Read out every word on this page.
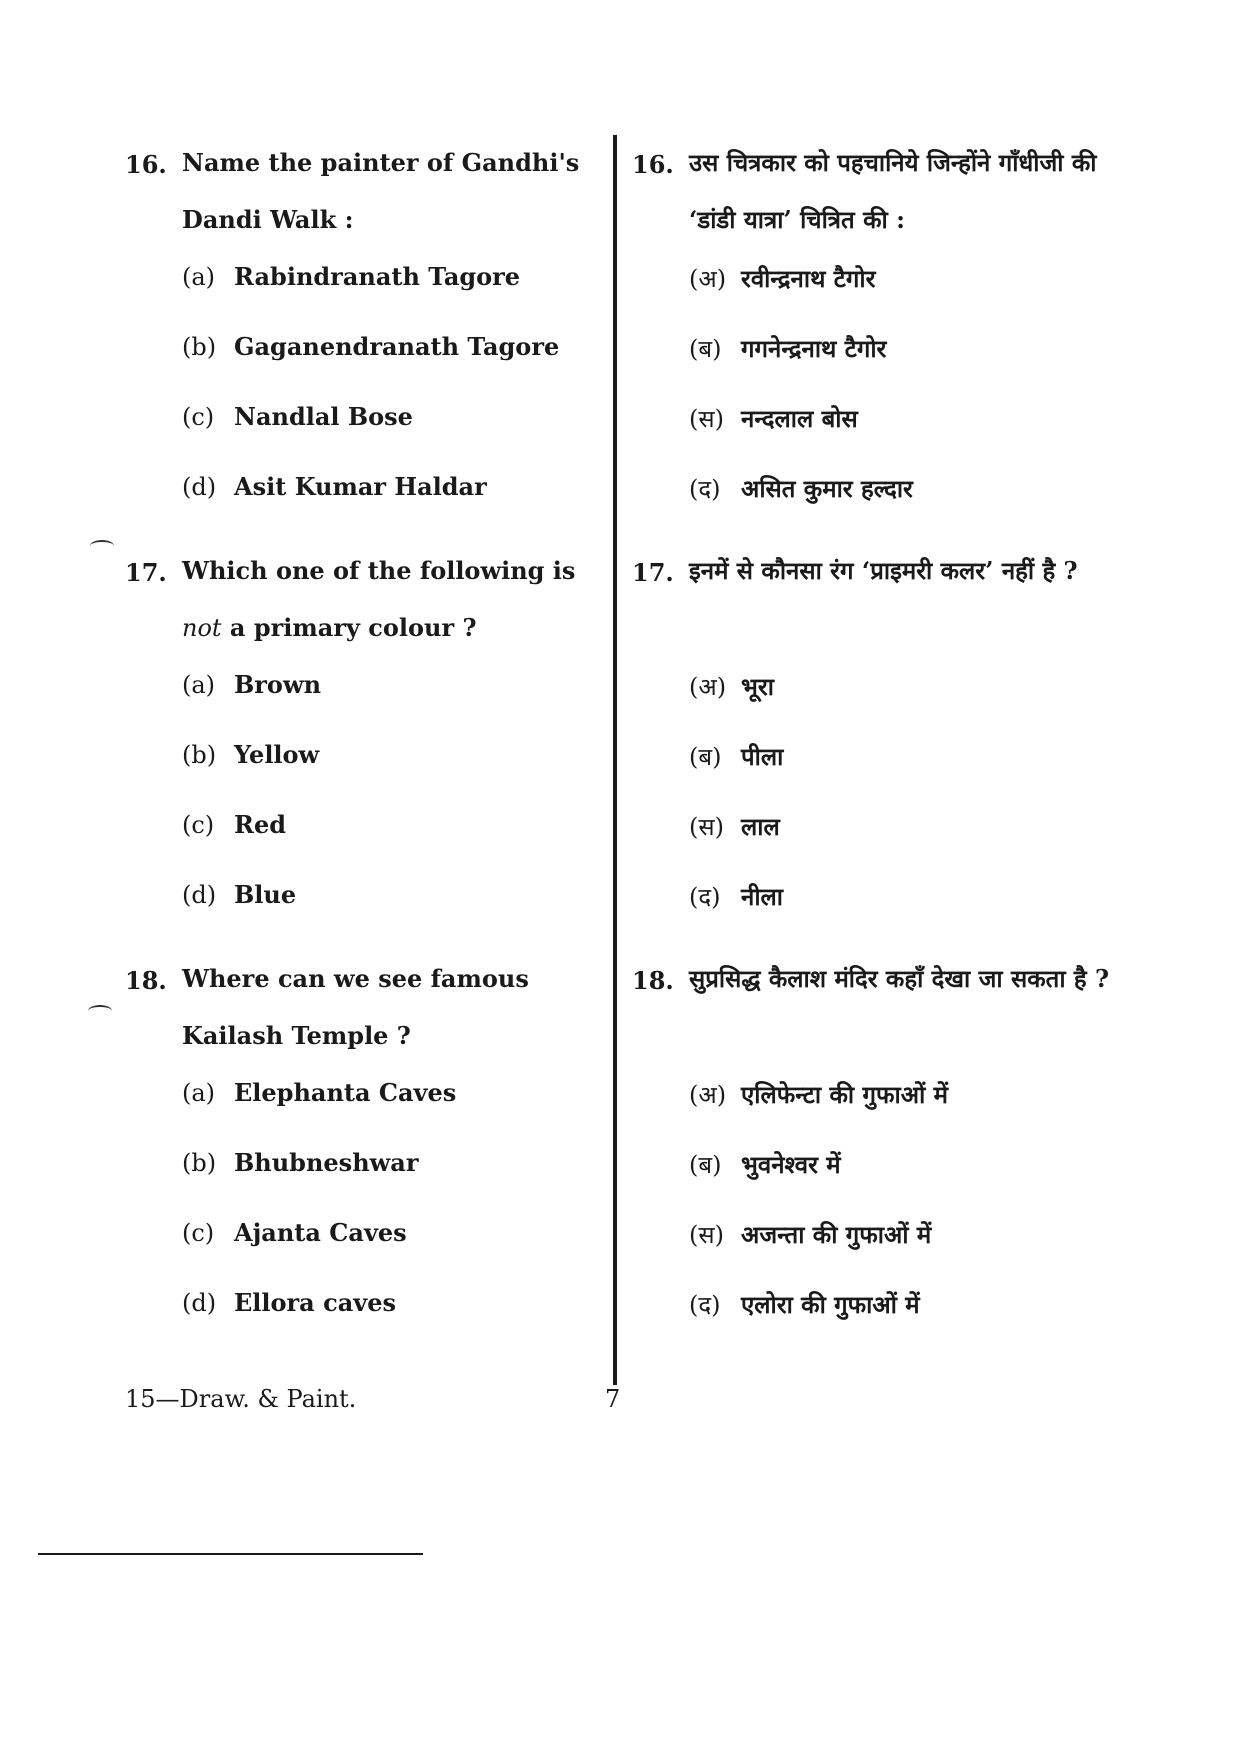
16. Name the painter of Gandhi's Dandi Walk :
(a) Rabindranath Tagore
(b) Gaganendranath Tagore
(c) Nandlal Bose
(d) Asit Kumar Haldar
17. Which one of the following is not a primary colour ?
(a) Brown
(b) Yellow
(c) Red
(d) Blue
18. Where can we see famous Kailash Temple ?
(a) Elephanta Caves
(b) Bhubneshwar
(c) Ajanta Caves
(d) Ellora caves
16. उस चित्रकार को पहचानिये जिन्होंने गाँधीजी की ‘डांडी यात्रा’ चित्रित की :
(अ) रवीन्द्रनाथ टैगोर
(ब) गगनेन्द्रनाथ टैगोर
(स) नन्दलाल बोस
(द) असित कुमार हल्दार
17. इनमें से कौनसा रंग ‘प्राइमरी कलर’ नहीं है ?
(अ) भूरा
(ब) पीला
(स) लाल
(द) नीला
18. सुप्रसिद्ध कैलाश मंदिर कहाँ देखा जा सकता है ?
(अ) एलिफेन्टा की गुफाओं में
(ब) भुवनेश्वर में
(स) अजन्ता की गुफाओं में
(द) एलोरा की गुफाओं में
15—Draw. & Paint.	7
